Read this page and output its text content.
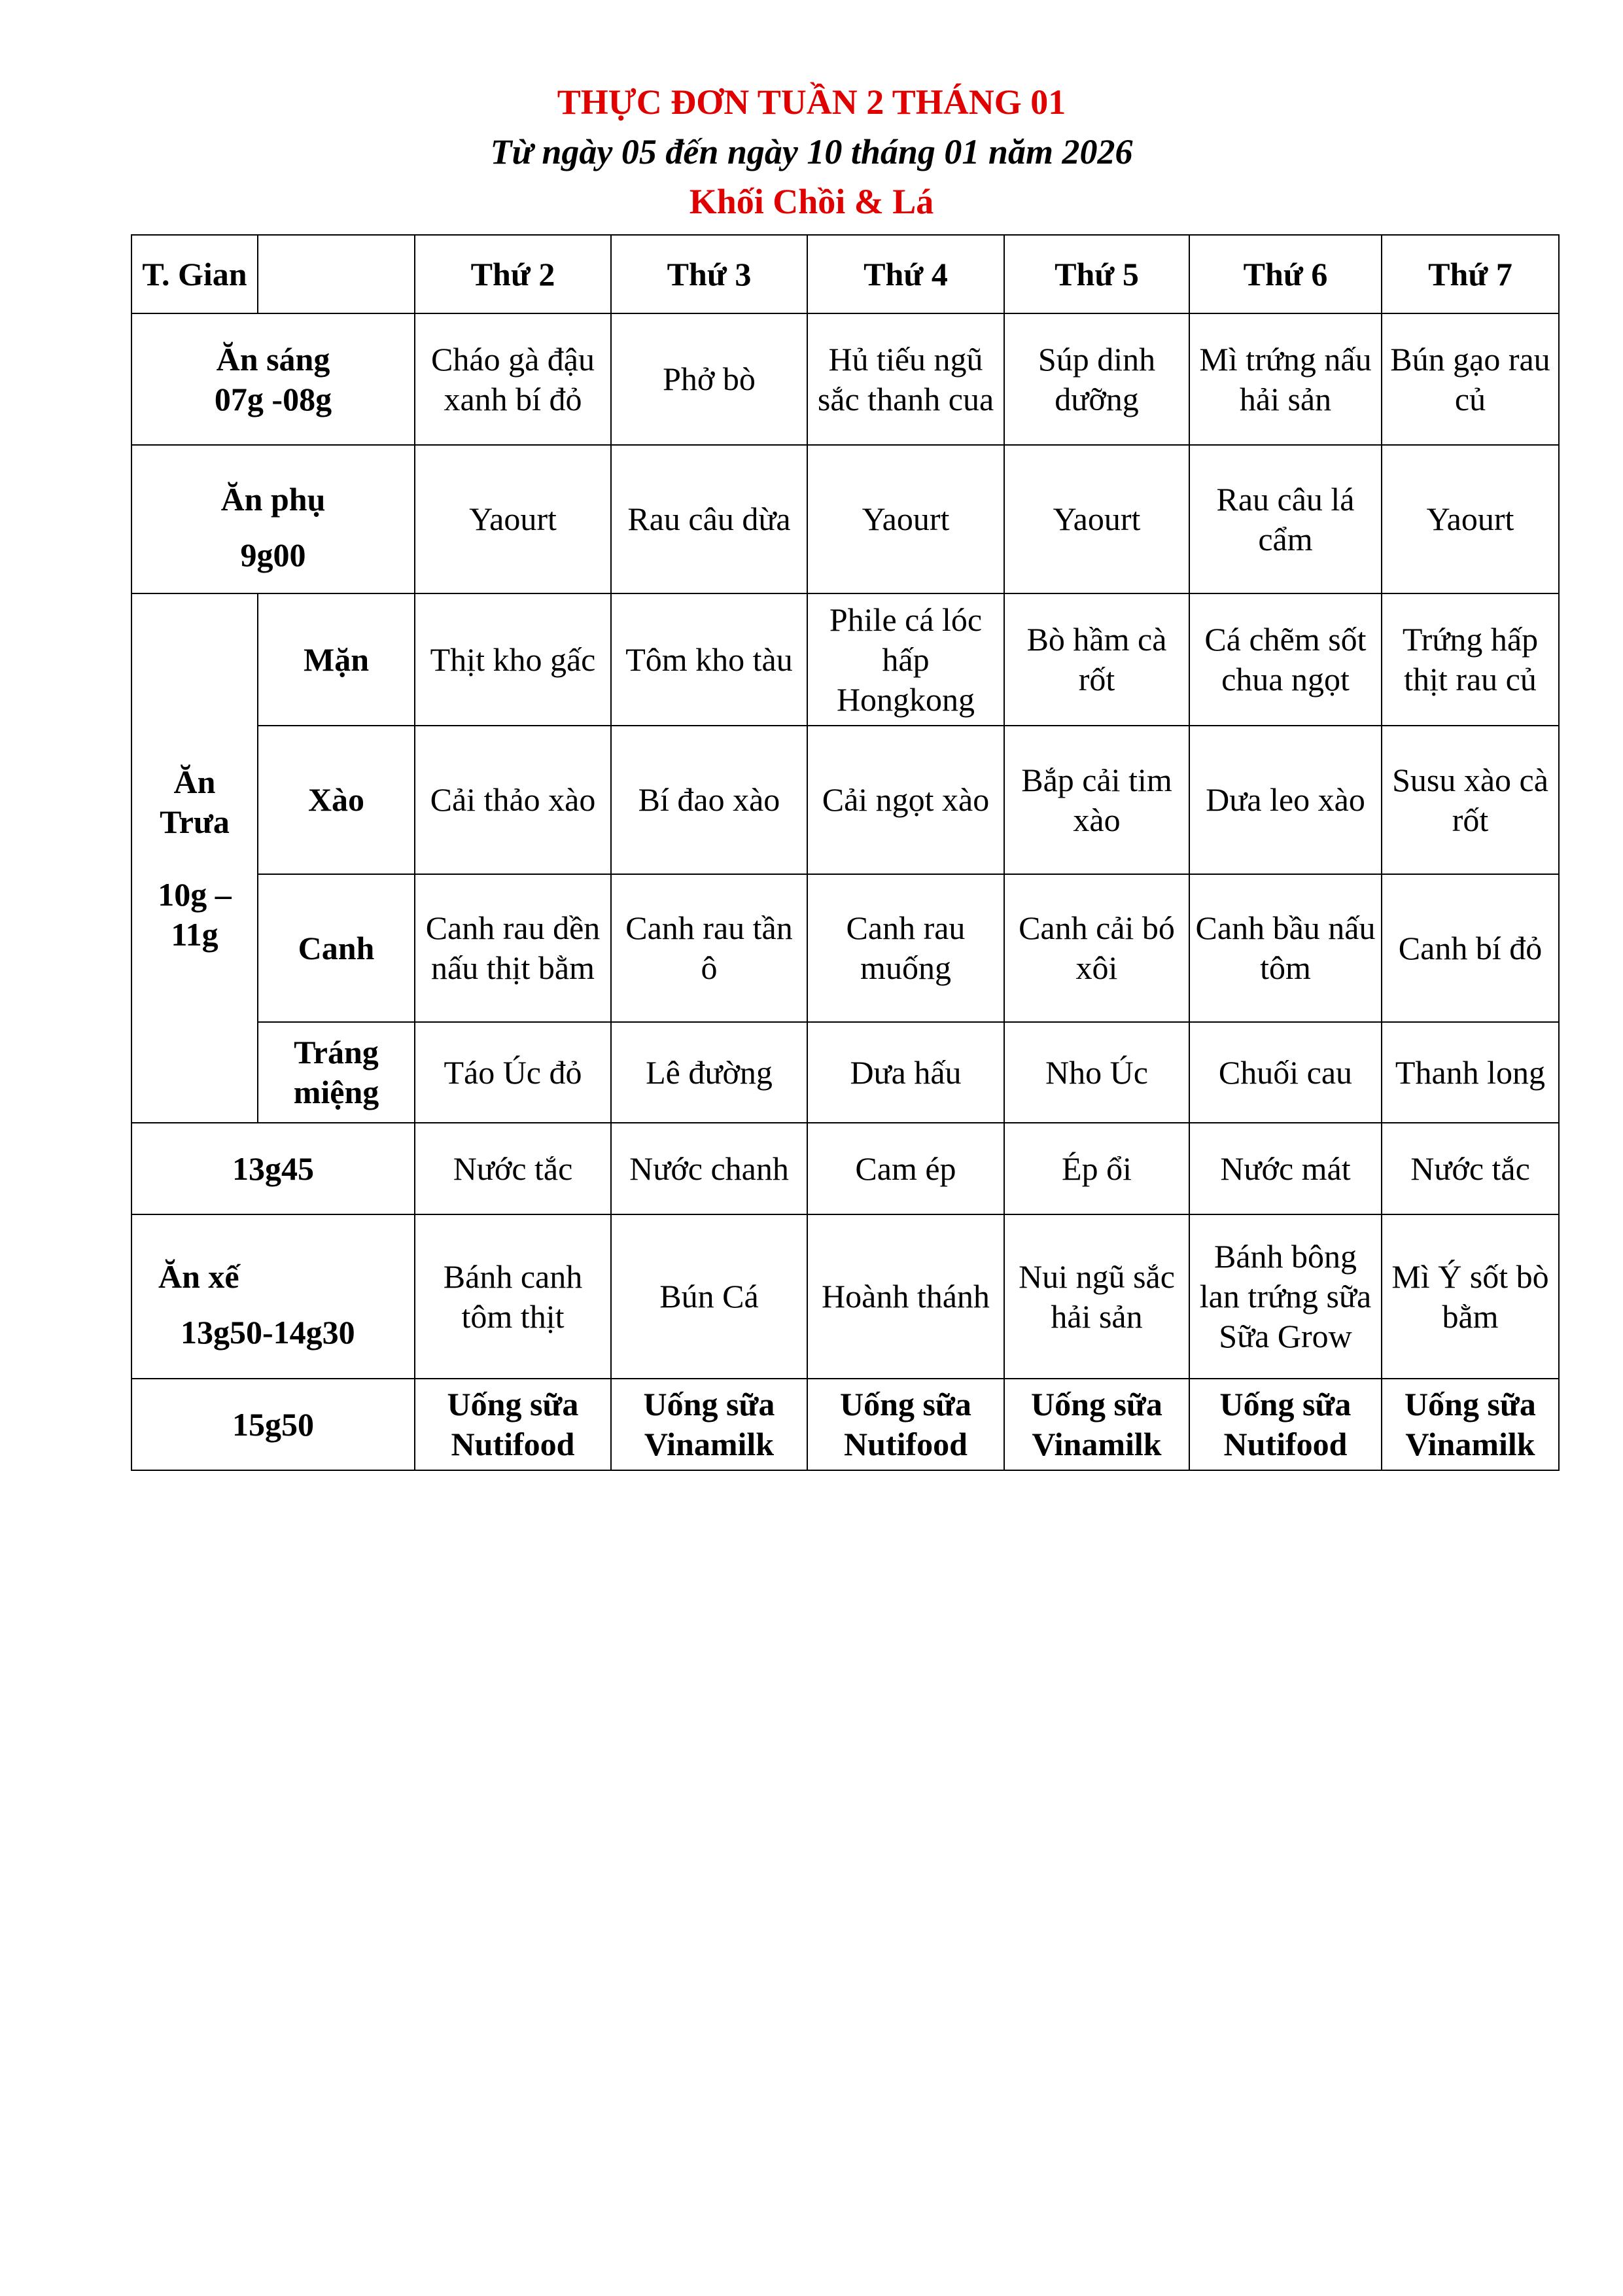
THỰC ĐƠN TUẦN 2 THÁNG 01
Từ ngày 05 đến ngày 10 tháng 01 năm 2026
Khối Chồi & Lá
T. Gian		Thứ 2	Thứ 3	Thứ 4	Thứ 5	Thứ 6	Thứ 7

Ăn sáng
07g -08g		Cháo gà đậu xanh bí đỏ	Phở bò	Hủ tiếu ngũ sắc thanh cua	Súp dinh dưỡng	Mì trứng nấu hải sản	Bún gạo rau củ

Ăn phụ
9g00		Yaourt	Rau câu dừa	Yaourt	Yaourt	Rau câu lá cẩm	Yaourt

Ăn Trưa
10g – 11g	Mặn	Thịt kho gấc	Tôm kho tàu	Phile cá lóc hấp Hongkong	Bò hầm cà rốt	Cá chẽm sốt chua ngọt	Trứng hấp thịt rau củ
	Xào	Cải thảo xào	Bí đao xào	Cải ngọt xào	Bắp cải tim xào	Dưa leo xào	Susu xào cà rốt
	Canh	Canh rau dền nấu thịt bằm	Canh rau tần ô	Canh rau muống	Canh cải bó xôi	Canh bầu nấu tôm	Canh bí đỏ
	Tráng miệng	Táo Úc đỏ	Lê đường	Dưa hấu	Nho Úc	Chuối cau	Thanh long
13g45		Nước tắc	Nước chanh	Cam ép	Ép ổi	Nước mát	Nước tắc

Ăn xế
13g50-14g30		Bánh canh tôm thịt	Bún Cá	Hoành thánh	Nui ngũ sắc hải sản	Bánh bông lan trứng sữa Sữa Grow	Mì Ý sốt bò bằm
15g50		Uống sữa Nutifood	Uống sữa Vinamilk	Uống sữa Nutifood	Uống sữa Vinamilk	Uống sữa Nutifood	Uống sữa Vinamilk
